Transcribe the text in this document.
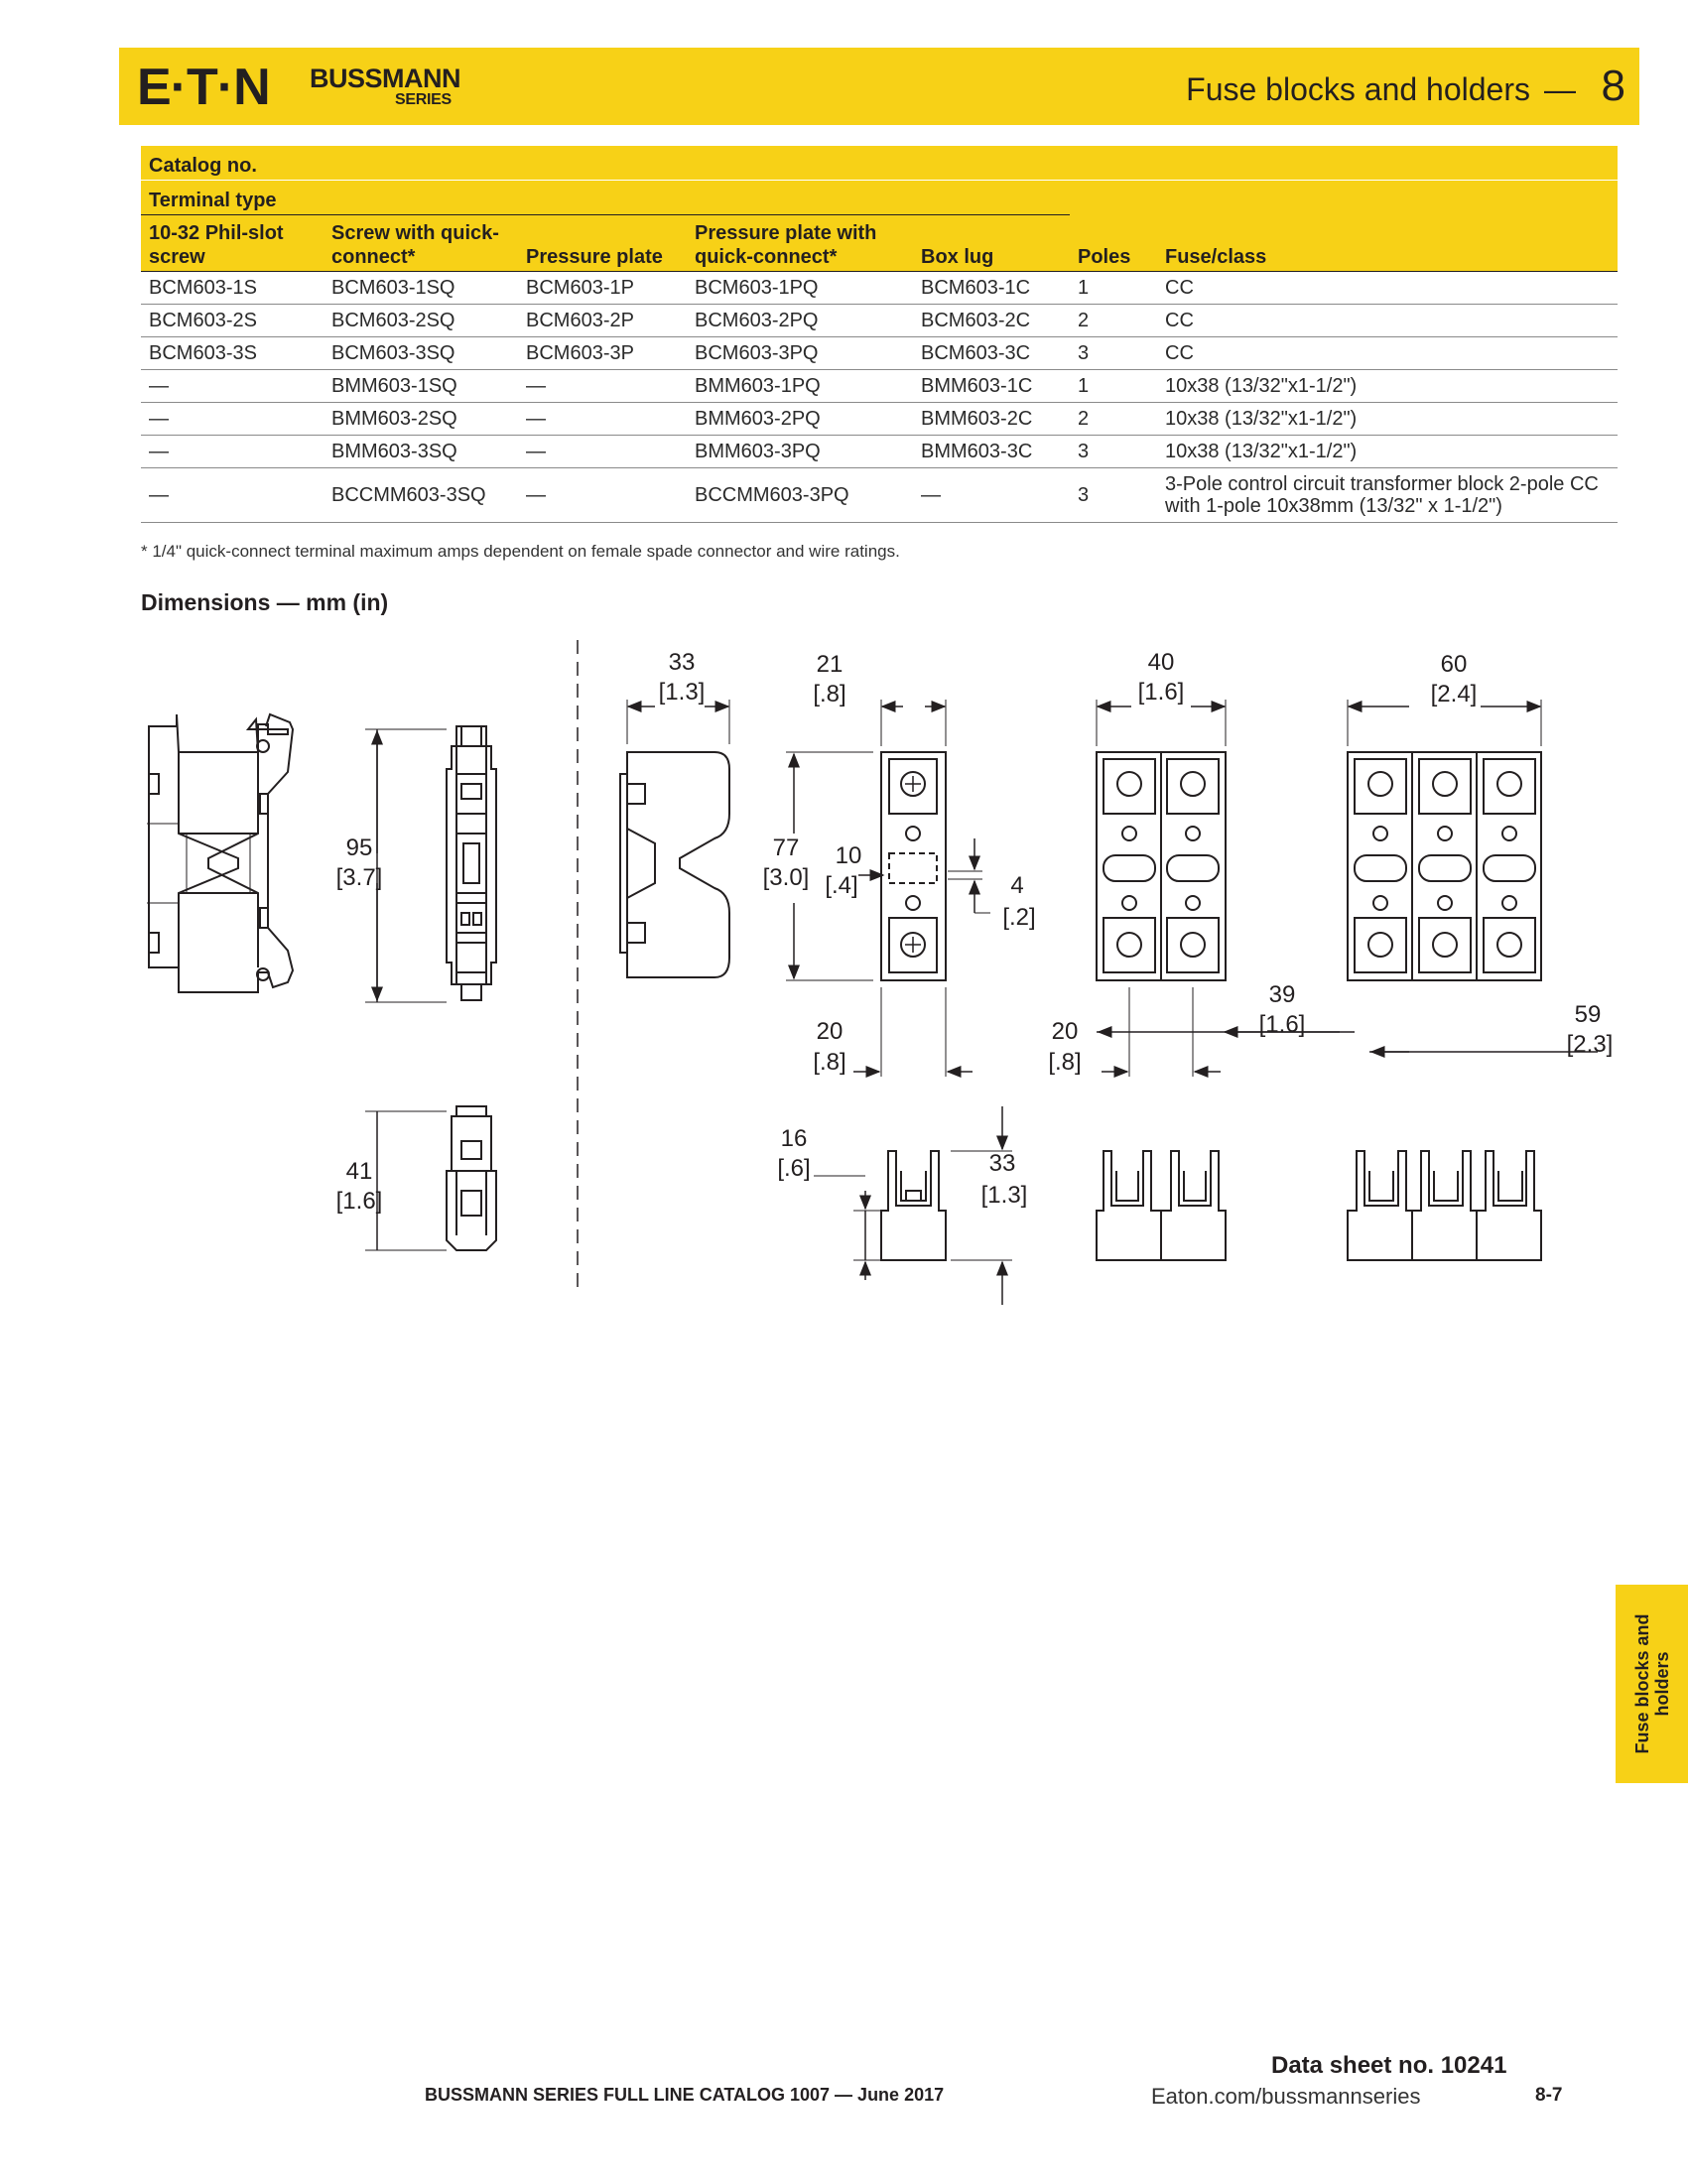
E·T·N BUSSMANN
SERIES	Fuse blocks and holders — 8
Catalog no.						
Terminal type						
10-32 Phil-slot screw	Screw with quick-connect*	Pressure plate	Pressure plate with quick-connect*	Box lug	Poles	Fuse/class
BCM603-1S	BCM603-1SQ	BCM603-1P	BCM603-1PQ	BCM603-1C	1	CC
BCM603-2S	BCM603-2SQ	BCM603-2P	BCM603-2PQ	BCM603-2C	2	CC
BCM603-3S	BCM603-3SQ	BCM603-3P	BCM603-3PQ	BCM603-3C	3	CC
—	BMM603-1SQ	—	BMM603-1PQ	BMM603-1C	1	10x38 (13/32"x1-1/2")
—	BMM603-2SQ	—	BMM603-2PQ	BMM603-2C	2	10x38 (13/32"x1-1/2")
—	BMM603-3SQ	—	BMM603-3PQ	BMM603-3C	3	10x38 (13/32"x1-1/2")
—	BCCMM603-3SQ	—	BCCMM603-3PQ	—	3	3-Pole control circuit transformer block 2-pole CC with 1-pole 10x38mm (13/32" x 1-1/2")
* 1/4" quick-connect terminal maximum amps dependent on female spade connector and wire ratings.
Dimensions — mm (in)
95
[3.7]
41
[1.6]
33
[1.3]
21
[.8]
77
[3.0]
10
[.4]	4
[.2]
20
[.8]
40
[1.6]
39
[1.6]
20
[.8]
60
[2.4]
59
[2.3]
16
[.6]	33
[1.3]
Fuse blocks and holders
Data sheet no. 10241
BUSSMANN SERIES FULL LINE CATALOG 1007 — June 2017	Eaton.com/bussmannseries	8-7
